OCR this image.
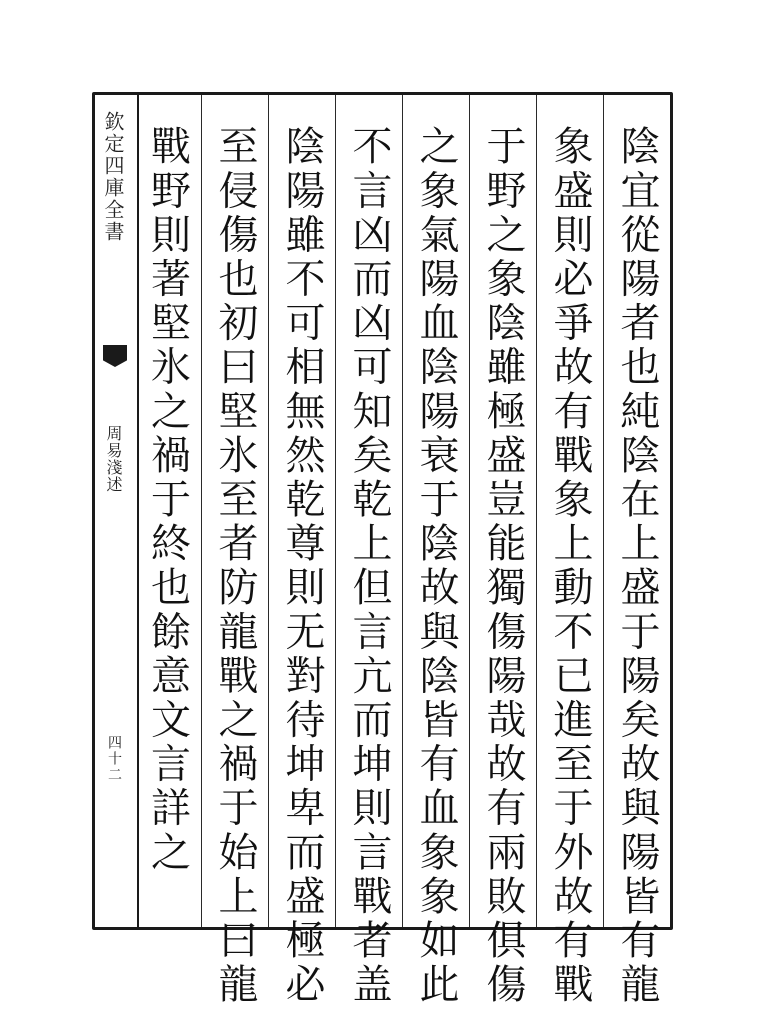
欽定四庫全書
周易淺述
四十二	陰宜從陽者也純陰在上盛于陽矣故與陽皆有龍
象盛則必爭故有戰象上動不已進至于外故有戰
于野之象陰雖極盛豈能獨傷陽哉故有兩敗俱傷
之象氣陽血陰陽衰于陰故與陰皆有血象象如此
不言凶而凶可知矣乾上但言亢而坤則言戰者盖
陰陽雖不可相無然乾尊則无對待坤卑而盛極必
至侵傷也初曰堅氷至者防龍戰之禍于始上曰龍
戰野則著堅氷之禍于終也餘意文言詳之
